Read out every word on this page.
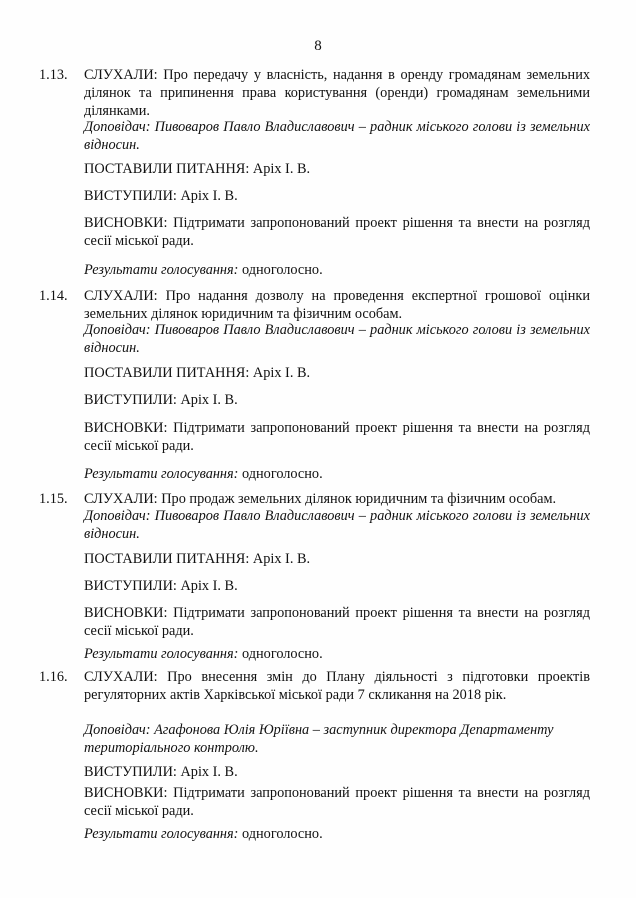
8
1.13. СЛУХАЛИ: Про передачу у власність, надання в оренду громадянам земельних ділянок та припинення права користування (оренди) громадянам земельними ділянками.
Доповідач: Пивоваров Павло Владиславович – радник міського голови із земельних відносин.
ПОСТАВИЛИ ПИТАННЯ: Аріх І. В.
ВИСТУПИЛИ: Аріх І. В.
ВИСНОВКИ: Підтримати запропонований проект рішення та внести на розгляд сесії міської ради.
Результати голосування: одноголосно.
1.14. СЛУХАЛИ: Про надання дозволу на проведення експертної грошової оцінки земельних ділянок юридичним та фізичним особам.
Доповідач: Пивоваров Павло Владиславович – радник міського голови із земельних відносин.
ПОСТАВИЛИ ПИТАННЯ: Аріх І. В.
ВИСТУПИЛИ: Аріх І. В.
ВИСНОВКИ: Підтримати запропонований проект рішення та внести на розгляд сесії міської ради.
Результати голосування: одноголосно.
1.15. СЛУХАЛИ: Про продаж земельних ділянок юридичним та фізичним особам.
Доповідач: Пивоваров Павло Владиславович – радник міського голови із земельних відносин.
ПОСТАВИЛИ ПИТАННЯ: Аріх І. В.
ВИСТУПИЛИ: Аріх І. В.
ВИСНОВКИ: Підтримати запропонований проект рішення та внести на розгляд сесії міської ради.
Результати голосування: одноголосно.
1.16. СЛУХАЛИ: Про внесення змін до Плану діяльності з підготовки проектів регуляторних актів Харківської міської ради 7 скликання на 2018 рік.
Доповідач: Агафонова Юлія Юріївна – заступник директора Департаменту територіального контролю.
ВИСТУПИЛИ: Аріх І. В.
ВИСНОВКИ: Підтримати запропонований проект рішення та внести на розгляд сесії міської ради.
Результати голосування: одноголосно.
